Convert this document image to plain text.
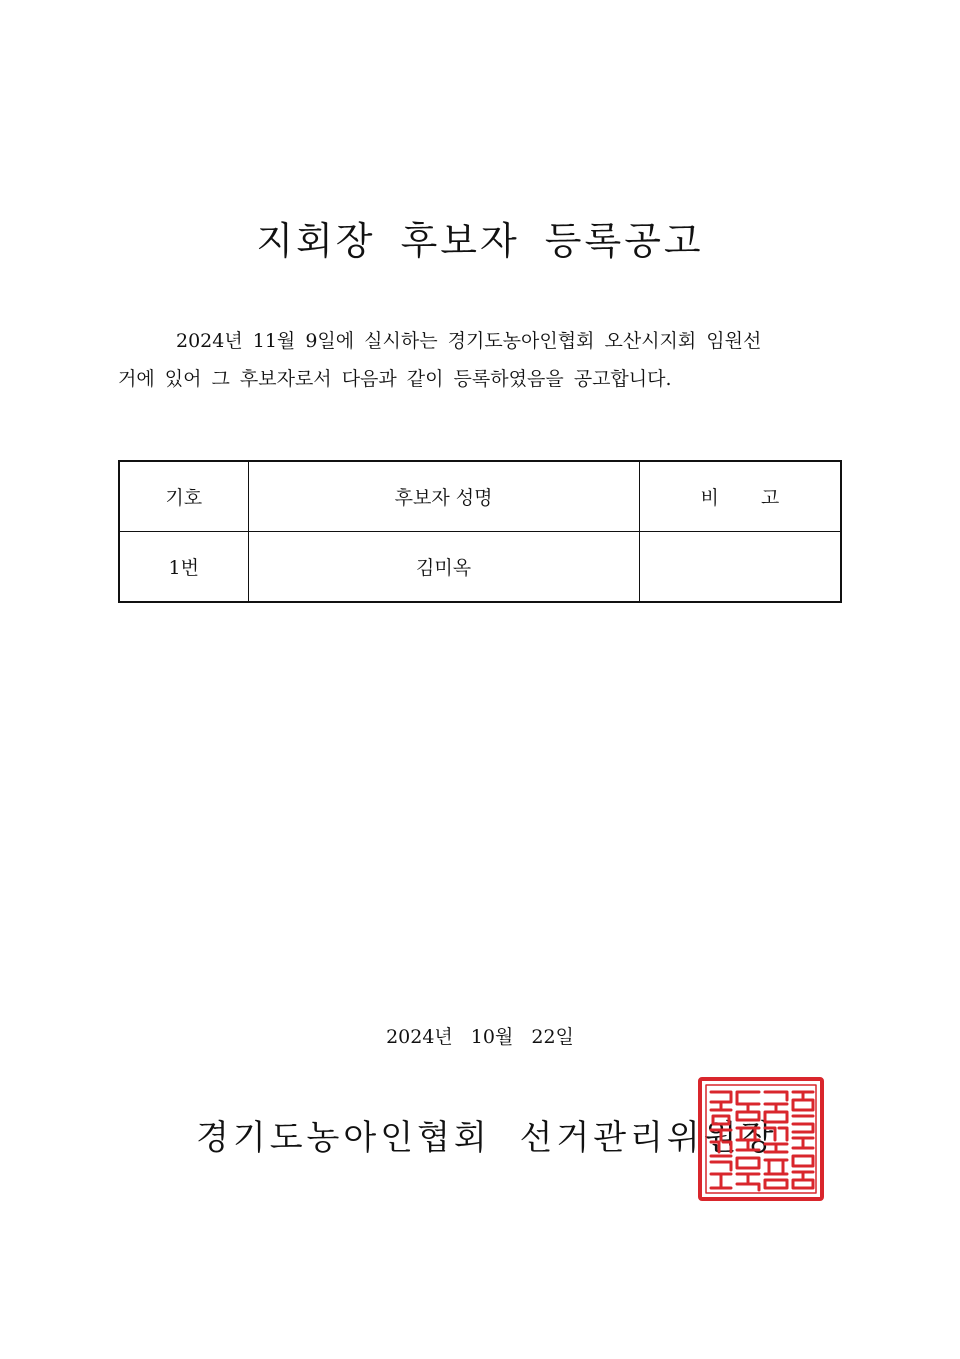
지회장 후보자 등록공고

2024년 11월 9일에 실시하는 경기도농아인협회 오산시지회 임원선
거에 있어 그 후보자로서 다음과 같이 등록하였음을 공고합니다.

기호	후보자 성명	비 고
1번	김미옥	

2024년 10월 22일

경기도농아인협회 선거관리위원장
